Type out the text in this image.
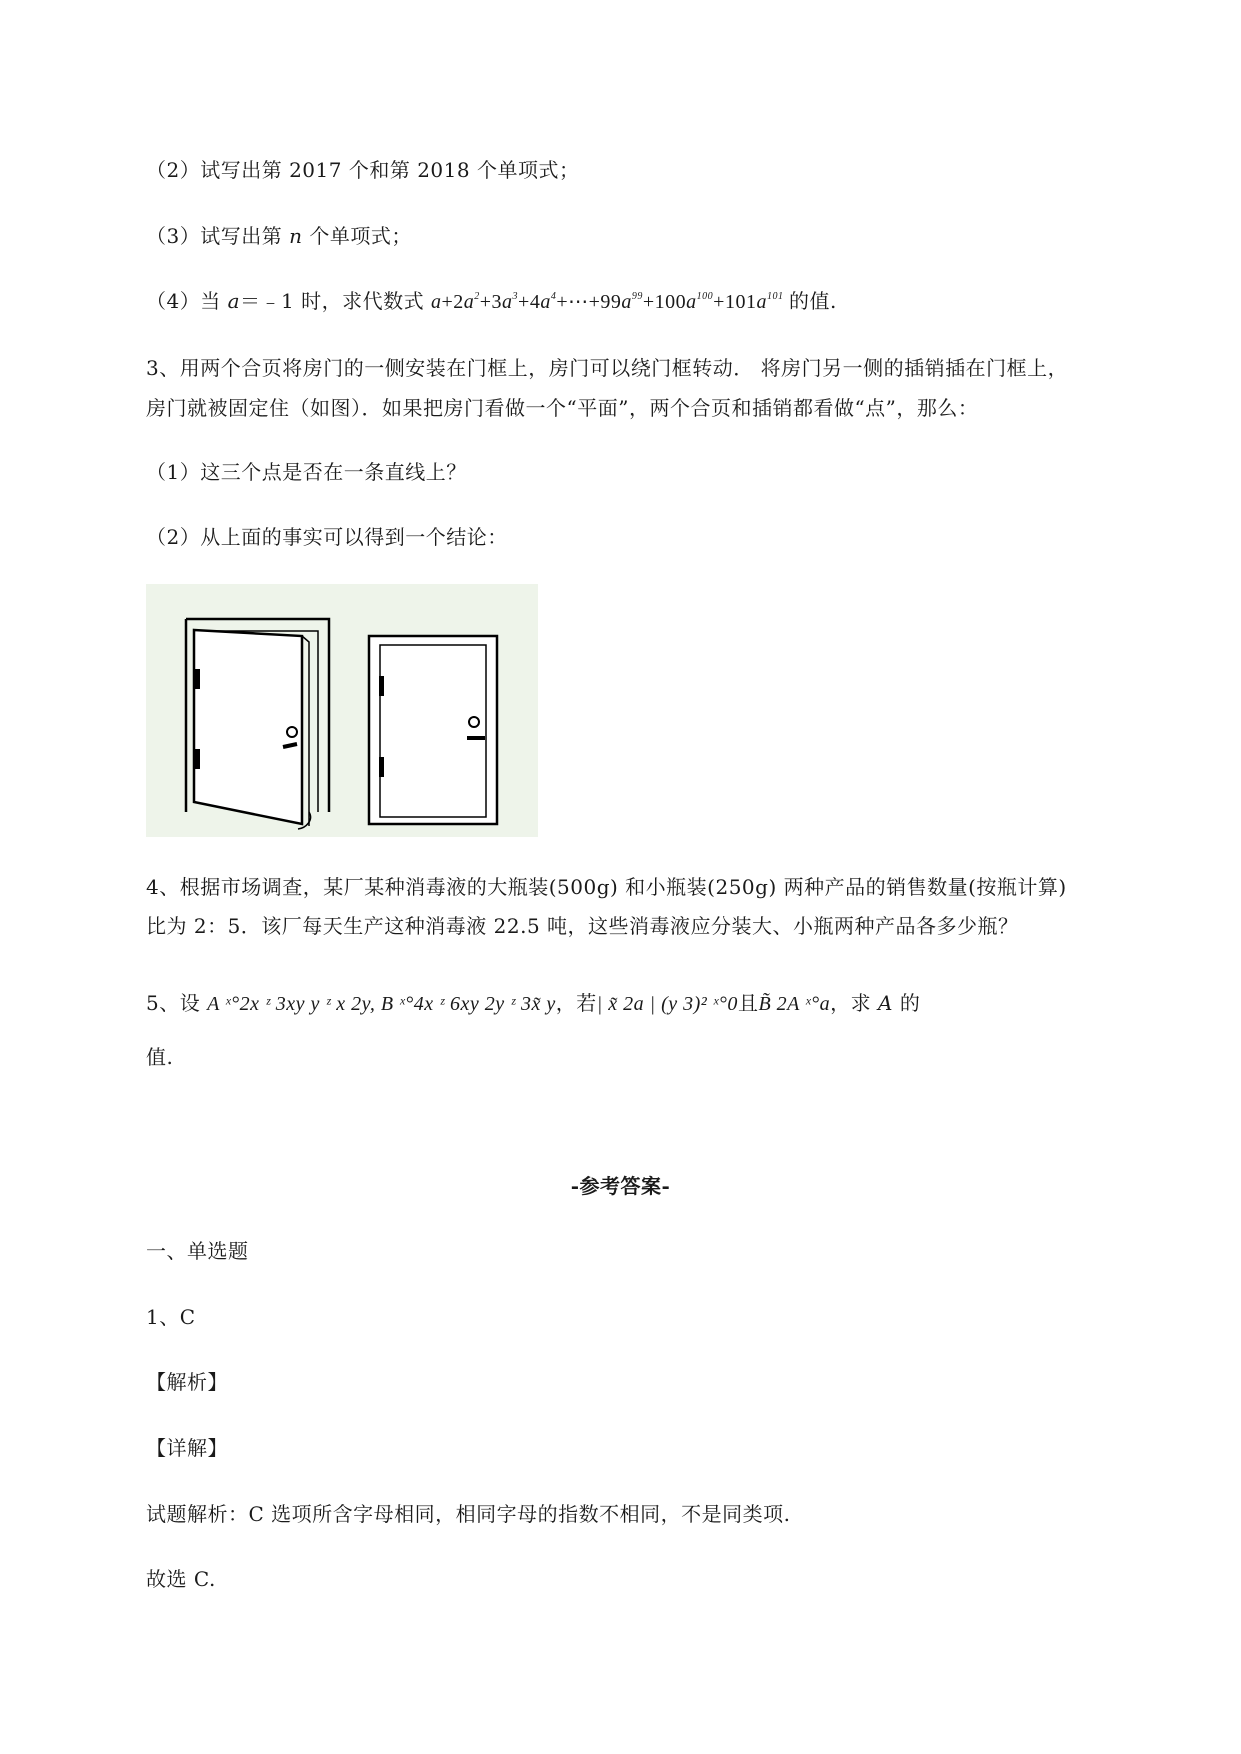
（2）试写出第 2017 个和第 2018 个单项式；
（3）试写出第 n 个单项式；
（4）当 a＝﹣1 时，求代数式 $a+2a^2+3a^3+4a^4+\cdots+99a^{99}+100a^{100}+101a^{101}$ 的值.
3、用两个合页将房门的一侧安装在门框上，房门可以绕门框转动． 将房门另一侧的插销插在门框上，
房门就被固定住（如图）．如果把房门看做一个“平面”，两个合页和插销都看做“点”，那么：
（1）这三个点是否在一条直线上？
（2）从上面的事实可以得到一个结论：
4、根据市场调查，某厂某种消毒液的大瓶装(500g) 和小瓶装(250g) 两种产品的销售数量(按瓶计算)
比为 2：5．该厂每天生产这种消毒液 22.5 吨，这些消毒液应分装大、小瓶两种产品各多少瓶？
5、设 A ˣ°2x ᶻ 3xy y ᶻ x 2y, B ˣ°4x ᶻ 6xy 2y ᶻ 3x̃ y，若| x̃ 2a | (y 3)² ˣ°0且B̃ 2A ˣ°a，求 A 的
值.
-参考答案-
一、单选题
1、C
【解析】
【详解】
试题解析：C 选项所含字母相同，相同字母的指数不相同，不是同类项.
故选 C.
